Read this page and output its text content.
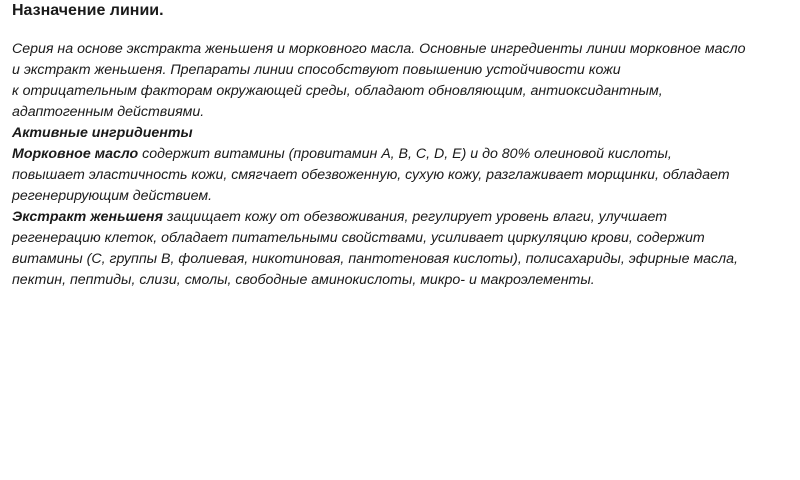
Назначение линии.

Серия на основе экстракта женьшеня и морковного масла. Основные ингредиенты линии морковное масло

и экстракт женьшеня. Препараты линии способствуют повышению устойчивости кожи

к отрицательным факторам окружающей среды, обладают обновляющим, антиоксидантным,

адаптогенным действиями.

Активные ингридиенты

Морковное масло содержит витамины (провитамин A, B, C, D, E) и до 80% олеиновой кислоты,

повышает эластичность кожи, смягчает обезвоженную, сухую кожу, разглаживает морщинки, обладает

регенерирующим действием.

Экстракт женьшеня защищает кожу от обезвоживания, регулирует уровень влаги, улучшает

регенерацию клеток, обладает питательными свойствами, усиливает циркуляцию крови, содержит

витамины (C, группы B, фолиевая, никотиновая, пантотеновая кислоты), полисахариды, эфирные масла,

пектин, пептиды, слизи, смолы, свободные аминокислоты, микро- и макроэлементы.
